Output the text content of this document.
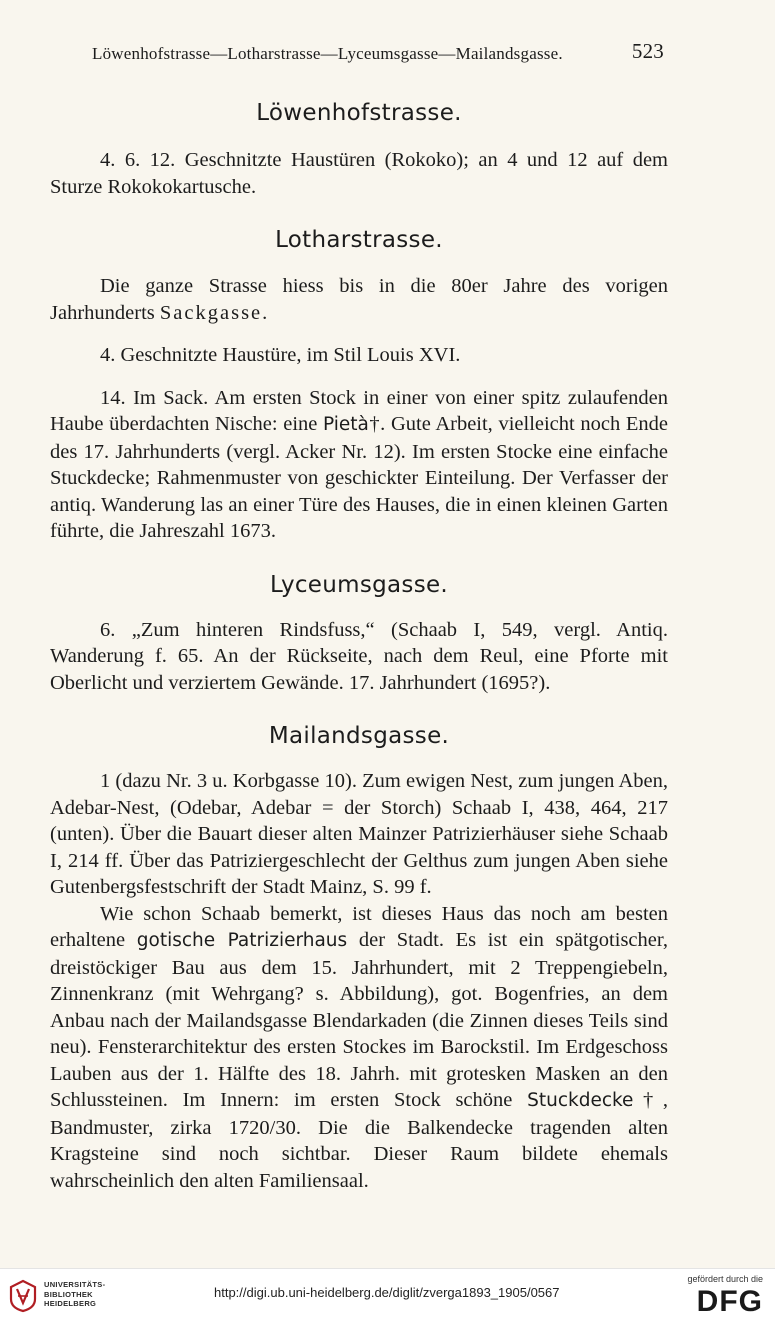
Löwenhofstrasse—Lotharstrasse—Lyceumsgasse—Mailandsgasse.	523
Löwenhofstrasse.

4. 6. 12. Geschnitzte Haustüren (Rokoko); an 4 und 12 auf dem Sturze Rokokokartusche.

Lotharstrasse.

Die ganze Strasse hiess bis in die 80er Jahre des vorigen Jahrhunderts Sackgasse.

4. Geschnitzte Haustüre, im Stil Louis XVI.

14. Im Sack. Am ersten Stock in einer von einer spitz zulaufenden Haube überdachten Nische: eine Pietà†. Gute Arbeit, vielleicht noch Ende des 17. Jahrhunderts (vergl. Acker Nr. 12). Im ersten Stocke eine einfache Stuckdecke; Rahmenmuster von geschickter Einteilung. Der Verfasser der antiq. Wanderung las an einer Türe des Hauses, die in einen kleinen Garten führte, die Jahreszahl 1673.

Lyceumsgasse.

6. „Zum hinteren Rindsfuss,“ (Schaab I, 549, vergl. Antiq. Wanderung f. 65. An der Rückseite, nach dem Reul, eine Pforte mit Oberlicht und verziertem Gewände. 17. Jahrhundert (1695?).

Mailandsgasse.

1 (dazu Nr. 3 u. Korbgasse 10). Zum ewigen Nest, zum jungen Aben, Adebar-Nest, (Odebar, Adebar = der Storch) Schaab I, 438, 464, 217 (unten). Über die Bauart dieser alten Mainzer Patrizierhäuser siehe Schaab I, 214 ff. Über das Patriziergeschlecht der Gelthus zum jungen Aben siehe Gutenbergsfestschrift der Stadt Mainz, S. 99 f.

Wie schon Schaab bemerkt, ist dieses Haus das noch am besten erhaltene gotische Patrizierhaus der Stadt. Es ist ein spätgotischer, dreistöckiger Bau aus dem 15. Jahrhundert, mit 2 Treppengiebeln, Zinnenkranz (mit Wehrgang? s. Abbildung), got. Bogenfries, an dem Anbau nach der Mailandsgasse Blendarkaden (die Zinnen dieses Teils sind neu). Fensterarchitektur des ersten Stockes im Barockstil. Im Erdgeschoss Lauben aus der 1. Hälfte des 18. Jahrh. mit grotesken Masken an den Schlussteinen. Im Innern: im ersten Stock schöne Stuckdecke†, Bandmuster, zirka 1720/30. Die die Balkendecke tragenden alten Kragsteine sind noch sichtbar. Dieser Raum bildete ehemals wahrscheinlich den alten Familiensaal.

UNIVERSITÄTS-
BIBLIOTHEK
HEIDELBERG
http://digi.ub.uni-heidelberg.de/diglit/zverga1893_1905/0567
gefördert durch die
DFG
